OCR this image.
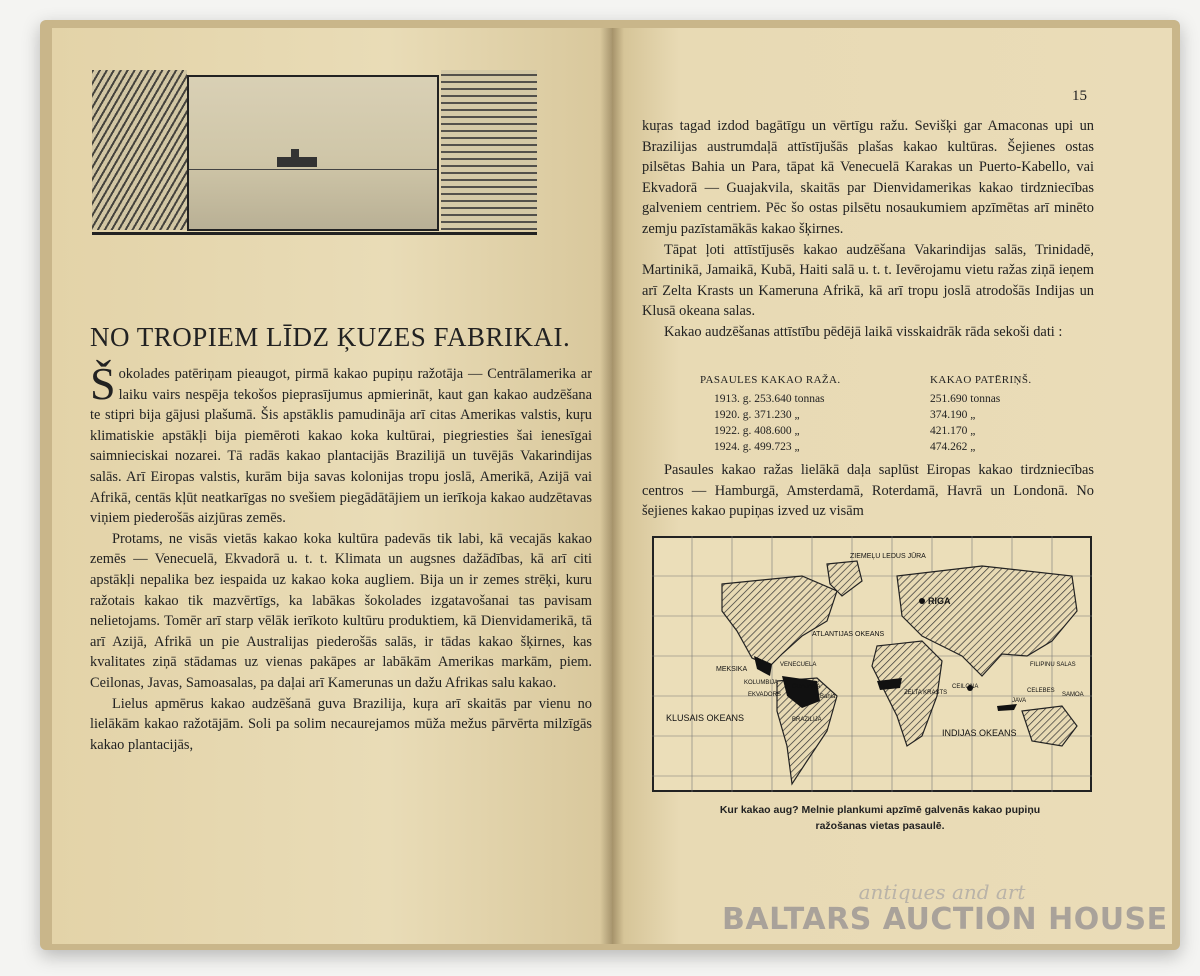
NO TROPIEM LĪDZ ĶUZES FABRIKAI.

Šokolades patēriņam pieaugot, pirmā kakao pupiņu ražotāja — Centrālamerika ar laiku vairs nespēja tekošos pieprasījumus apmierināt, kaut gan kakao audzēšana te stipri bija gājusi plašumā. Šis apstāklis pamudināja arī citas Amerikas valstis, kuŗu klimatiskie apstākļi bija piemēroti kakao koka kultūrai, piegriesties šai ienesīgai saimnieciskai nozarei. Tā radās kakao plantacijās Brazilijā un tuvējās Vakarindijas salās. Arī Eiropas valstis, kurām bija savas kolonijas tropu joslā, Amerikā, Azijā vai Afrikā, centās kļūt neatkarīgas no svešiem piegādātājiem un ierīkoja kakao audzētavas viņiem piederošās aizjūras zemēs.

Protams, ne visās vietās kakao koka kultūra padevās tik labi, kā vecajās kakao zemēs — Venecuelā, Ekvadorā u. t. t. Klimata un augsnes dažādības, kā arī citi apstākļi nepalika bez iespaida uz kakao koka augliem. Bija un ir zemes strēķi, kuru ražotais kakao tik mazvērtīgs, ka labākas šokolades izgatavošanai tas pavisam nelietojams. Tomēr arī starp vēlāk ierīkoto kultūru produktiem, kā Dienvidamerikā, tā arī Azijā, Afrikā un pie Australijas piederošās salās, ir tādas kakao šķirnes, kas kvalitates ziņā stādamas uz vienas pakāpes ar labākām Amerikas markām, piem. Ceilonas, Javas, Samoasalas, pa daļai arī Kamerunas un dažu Afrikas salu kakao.

Lielus apmērus kakao audzēšanā guva Brazilija, kuŗa arī skaitās par vienu no lielākām kakao ražotājām. Soli pa solim necaurejamos mūža mežus pārvērta milzīgās kakao plantacijās,

15

kuŗas tagad izdod bagātīgu un vērtīgu ražu. Sevišķi gar Amaconas upi un Brazilijas austrumdaļā attīstījušās plašas kakao kultūras. Šejienes ostas pilsētas Bahia un Para, tāpat kā Venecuelā Karakas un Puerto-Kabello, vai Ekvadorā — Guajakvila, skaitās par Dienvidamerikas kakao tirdzniecības galveniem centriem. Pēc šo ostas pilsētu nosaukumiem apzīmētas arī minēto zemju pazīstamākās kakao šķirnes.

Tāpat ļoti attīstījusēs kakao audzēšana Vakarindijas salās, Trinidadē, Martinikā, Jamaikā, Kubā, Haiti salā u. t. t. Ievērojamu vietu ražas ziņā ieņem arī Zelta Krasts un Kameruna Afrikā, kā arī tropu joslā atrodošās Indijas un Klusā okeana salas.

Kakao audzēšanas attīstību pēdējā laikā visskaidrāk rāda sekoši dati :

PASAULES KAKAO RAŽA.
1913. g. 253.640 tonnas
1920. g. 371.230 „
1922. g. 408.600 „
1924. g. 499.723 „
KAKAO PATĒRIŅŠ.
251.690 tonnas
374.190 „
421.170 „
474.262 „

Pasaules kakao ražas lielākā daļa saplūst Eiropas kakao tirdzniecības centros — Hamburgā, Amsterdamā, Roterdamā, Havrā un Londonā. No šejienes kakao pupiņas izved uz visām

ZIEMEĻU LEDUS JŪRA
RIGA
ATLANTIJAS OKEANS
MEKSIKA
VENECUELA
KOLUMBIJA
GUAJANA
EKVADORS	Bahia
BRAZILIJA
ZELTA KRASTS
CEILONA
FILIPINU SALAS
CELEBES
JAVA
SAMOA
KLUSAIS OKEANS
INDIJAS OKEANS
Kur kakao aug? Melnie plankumi apzīmē galvenās kakao pupiņu ražošanas vietas pasaulē.
antiques and art
BALTARS AUCTION HOUSE
